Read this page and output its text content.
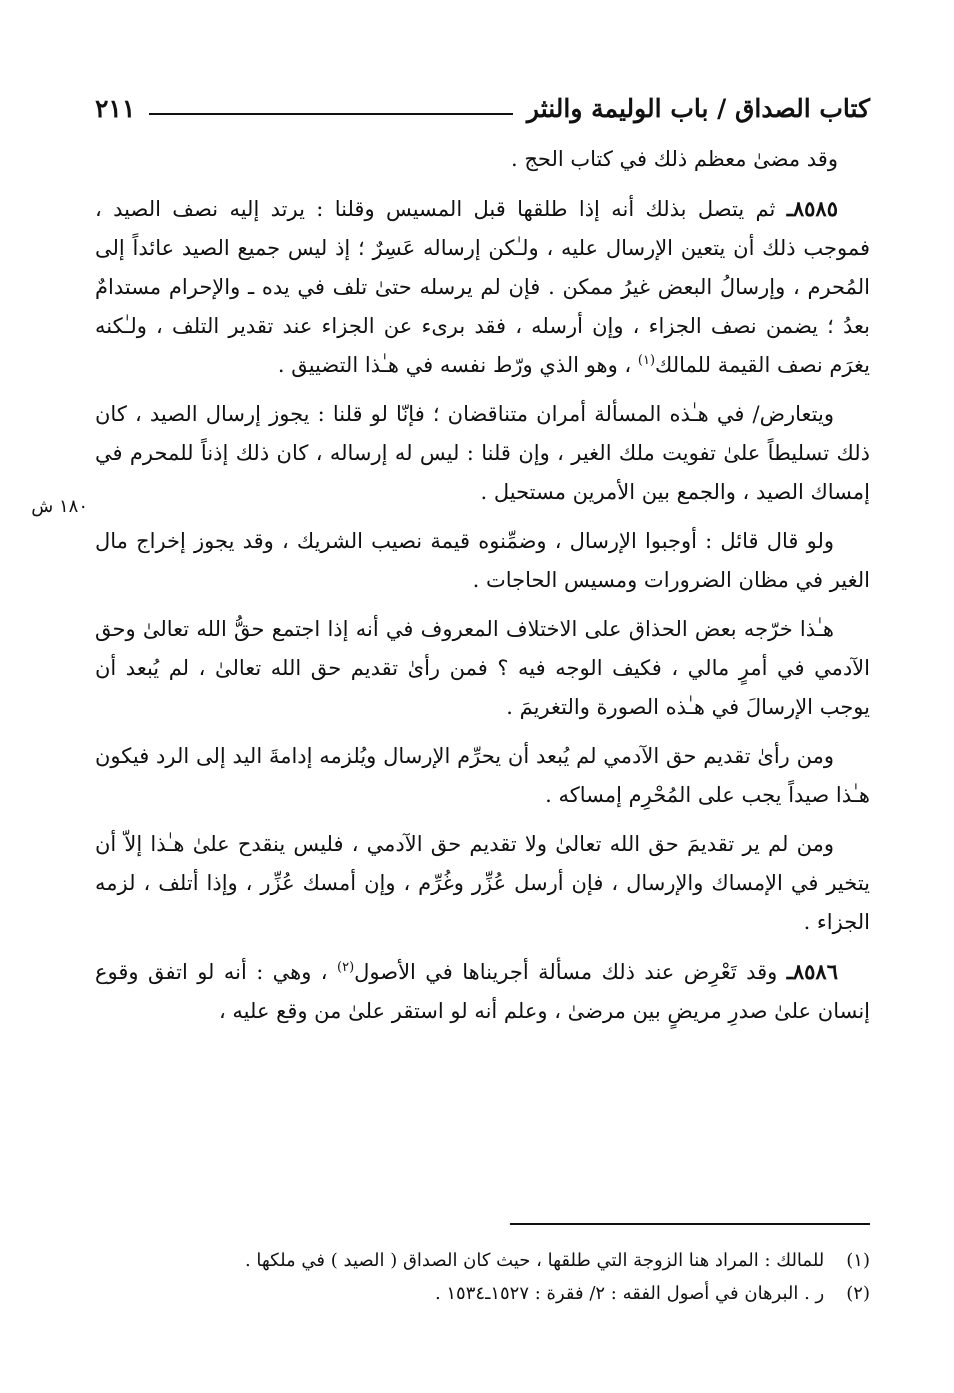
كتاب الصداق / باب الوليمة والنثر
٢١١
١٨٠ ش

وقد مضىٰ معظم ذلك في كتاب الحج .

٨٥٨٥ـ ثم يتصل بذلك أنه إذا طلقها قبل المسيس وقلنا : يرتد إليه نصف الصيد ، فموجب ذلك أن يتعين الإرسال عليه ، ولـٰكن إرساله عَسِرٌ ؛ إذ ليس جميع الصيد عائداً إلى المُحرم ، وإرسالُ البعض غيرُ ممكن . فإن لم يرسله حتىٰ تلف في يده ـ والإحرام مستدامٌ بعدُ ؛ يضمن نصف الجزاء ، وإن أرسله ، فقد برىء عن الجزاء عند تقدير التلف ، ولـٰكنه يغرَم نصف القيمة للمالك$^{(١)}$ ، وهو الذي ورّط نفسه في هـٰذا التضييق .

ويتعارض/ في هـٰذه المسألة أمران متناقضان ؛ فإنّا لو قلنا : يجوز إرسال الصيد ، كان ذلك تسليطاً علىٰ تفويت ملك الغير ، وإن قلنا : ليس له إرساله ، كان ذلك إذناً للمحرم في إمساك الصيد ، والجمع بين الأمرين مستحيل .

ولو قال قائل : أوجبوا الإرسال ، وضمِّنوه قيمة نصيب الشريك ، وقد يجوز إخراج مال الغير في مظان الضرورات ومسيس الحاجات .

هـٰذا خرّجه بعض الحذاق على الاختلاف المعروف في أنه إذا اجتمع حقُّ الله تعالىٰ وحق الآدمي في أمرٍ مالي ، فكيف الوجه فيه ؟ فمن رأىٰ تقديم حق الله تعالىٰ ، لم يُبعد أن يوجب الإرسالَ في هـٰذه الصورة والتغريمَ .

ومن رأىٰ تقديم حق الآدمي لم يُبعد أن يحرِّم الإرسال ويُلزمه إدامةَ اليد إلى الرد فيكون هـٰذا صيداً يجب على المُحْرِم إمساكه .

ومن لم ير تقديمَ حق الله تعالىٰ ولا تقديم حق الآدمي ، فليس ينقدح علىٰ هـٰذا إلاّ أن يتخير في الإمساك والإرسال ، فإن أرسل عُزِّر وغُرِّم ، وإن أمسك عُزِّر ، وإذا أتلف ، لزمه الجزاء .

٨٥٨٦ـ وقد تَعْرِض عند ذلك مسألة أجريناها في الأصول$^{(٢)}$ ، وهي : أنه لو اتفق وقوع إنسان علىٰ صدرِ مريضٍ بين مرضىٰ ، وعلم أنه لو استقر علىٰ من وقع عليه ،

(١) للمالك : المراد هنا الزوجة التي طلقها ، حيث كان الصداق ( الصيد ) في ملكها .
(٢) ر . البرهان في أصول الفقه : ٢/ فقرة : ١٥٢٧ـ١٥٣٤ .
